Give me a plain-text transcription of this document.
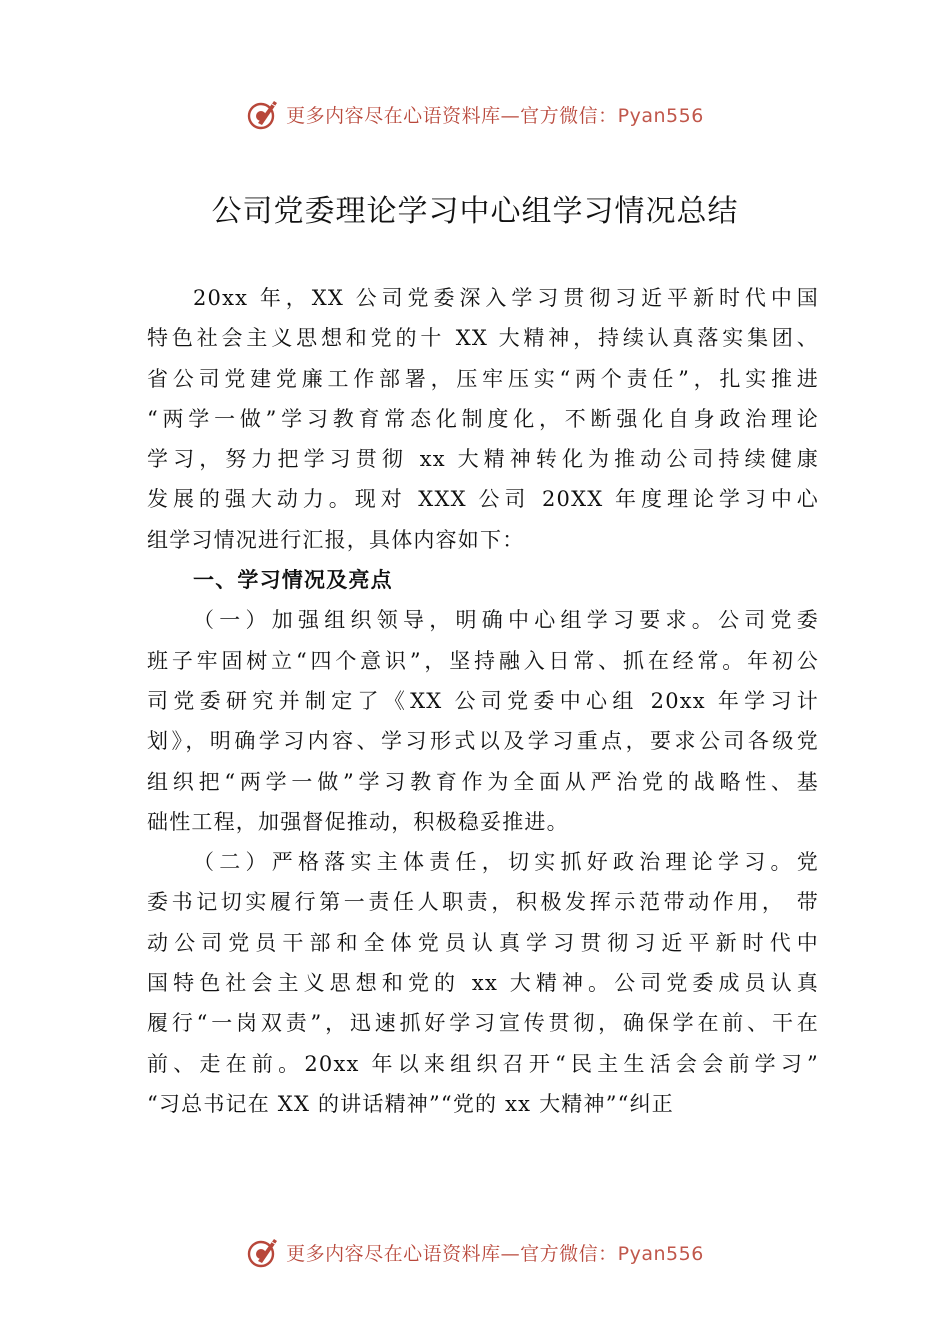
更多内容尽在心语资料库—官方微信：Pyan556
公司党委理论学习中心组学习情况总结
20xx 年，XX 公司党委深入学习贯彻习近平新时代中国
特色社会主义思想和党的十 XX 大精神，持续认真落实集团、
省公司党建党廉工作部署，压牢压实“两个责任”，扎实推进
“两学一做”学习教育常态化制度化，不断强化自身政治理论
学习，努力把学习贯彻 xx 大精神转化为推动公司持续健康
发展的强大动力。现对 XXX 公司 20XX 年度理论学习中心
组学习情况进行汇报，具体内容如下：
一、学习情况及亮点
（一）加强组织领导，明确中心组学习要求。公司党委
班子牢固树立“四个意识”，坚持融入日常、抓在经常。年初公
司党委研究并制定了《XX 公司党委中心组 20xx 年学习计
划》，明确学习内容、学习形式以及学习重点，要求公司各级党
组织把“两学一做”学习教育作为全面从严治党的战略性、基
础性工程，加强督促推动，积极稳妥推进。
（二）严格落实主体责任，切实抓好政治理论学习。党
委书记切实履行第一责任人职责，积极发挥示范带动作用， 带
动公司党员干部和全体党员认真学习贯彻习近平新时代中
国特色社会主义思想和党的 xx 大精神。公司党委成员认真
履行“一岗双责”，迅速抓好学习宣传贯彻，确保学在前、干在
前、走在前。20xx 年以来组织召开“民主生活会会前学习”
“习总书记在 XX 的讲话精神”“党的 xx 大精神”“纠正
更多内容尽在心语资料库—官方微信：Pyan556
